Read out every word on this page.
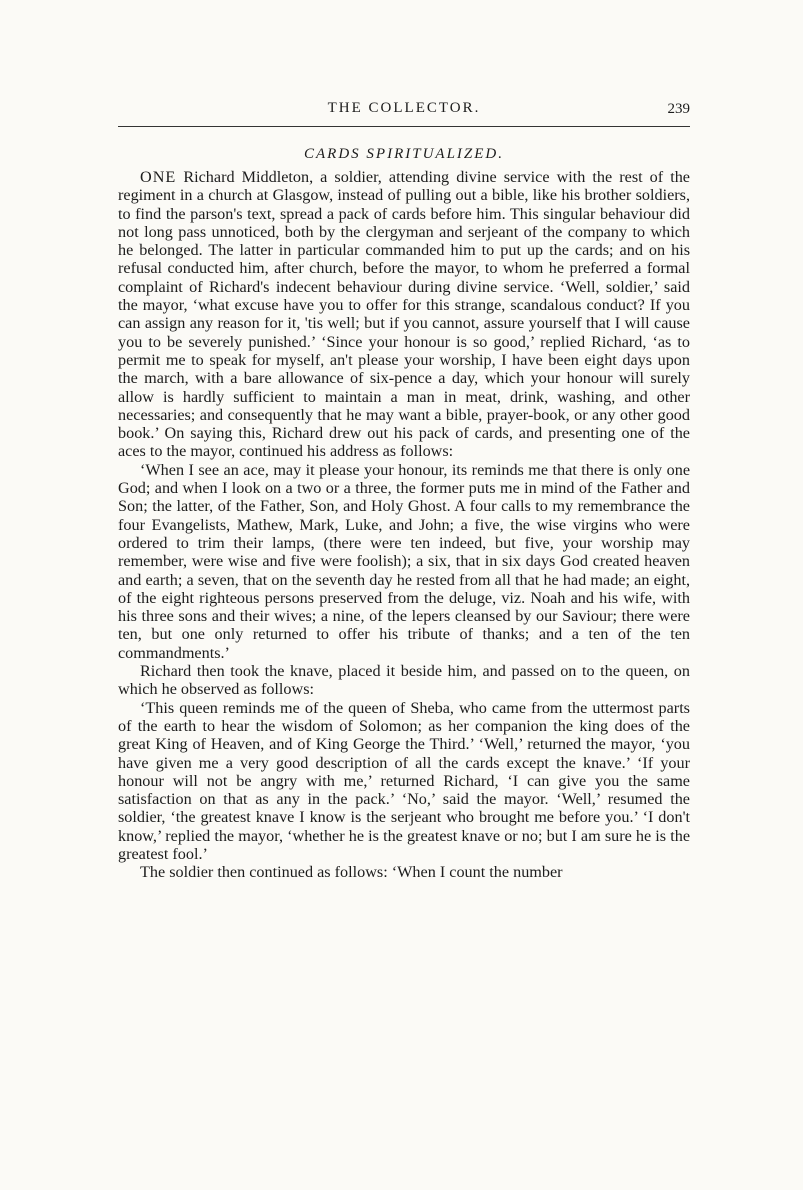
THE COLLECTOR.	239
CARDS SPIRITUALIZED.

ONE Richard Middleton, a soldier, attending divine service with the rest of the regiment in a church at Glasgow, instead of pulling out a bible, like his brother soldiers, to find the parson's text, spread a pack of cards before him. This singular behaviour did not long pass unnoticed, both by the clergyman and serjeant of the company to which he belonged. The latter in particular commanded him to put up the cards; and on his refusal conducted him, after church, before the mayor, to whom he preferred a formal complaint of Richard's indecent behaviour during divine service. ‘Well, soldier,’ said the mayor, ‘what excuse have you to offer for this strange, scandalous conduct? If you can assign any reason for it, 'tis well; but if you cannot, assure yourself that I will cause you to be severely punished.’ ‘Since your honour is so good,’ replied Richard, ‘as to permit me to speak for myself, an't please your worship, I have been eight days upon the march, with a bare allowance of six-pence a day, which your honour will surely allow is hardly sufficient to maintain a man in meat, drink, washing, and other necessaries; and consequently that he may want a bible, prayer-book, or any other good book.’ On saying this, Richard drew out his pack of cards, and presenting one of the aces to the mayor, continued his address as follows:

‘When I see an ace, may it please your honour, its reminds me that there is only one God; and when I look on a two or a three, the former puts me in mind of the Father and Son; the latter, of the Father, Son, and Holy Ghost. A four calls to my remembrance the four Evangelists, Mathew, Mark, Luke, and John; a five, the wise virgins who were ordered to trim their lamps, (there were ten indeed, but five, your worship may remember, were wise and five were foolish); a six, that in six days God created heaven and earth; a seven, that on the seventh day he rested from all that he had made; an eight, of the eight righteous persons preserved from the deluge, viz. Noah and his wife, with his three sons and their wives; a nine, of the lepers cleansed by our Saviour; there were ten, but one only returned to offer his tribute of thanks; and a ten of the ten commandments.’

Richard then took the knave, placed it beside him, and passed on to the queen, on which he observed as follows:

‘This queen reminds me of the queen of Sheba, who came from the uttermost parts of the earth to hear the wisdom of Solomon; as her companion the king does of the great King of Heaven, and of King George the Third.’ ‘Well,’ returned the mayor, ‘you have given me a very good description of all the cards except the knave.’ ‘If your honour will not be angry with me,’ returned Richard, ‘I can give you the same satisfaction on that as any in the pack.’ ‘No,’ said the mayor. ‘Well,’ resumed the soldier, ‘the greatest knave I know is the serjeant who brought me before you.’ ‘I don't know,’ replied the mayor, ‘whether he is the greatest knave or no; but I am sure he is the greatest fool.’

The soldier then continued as follows: ‘When I count the number
